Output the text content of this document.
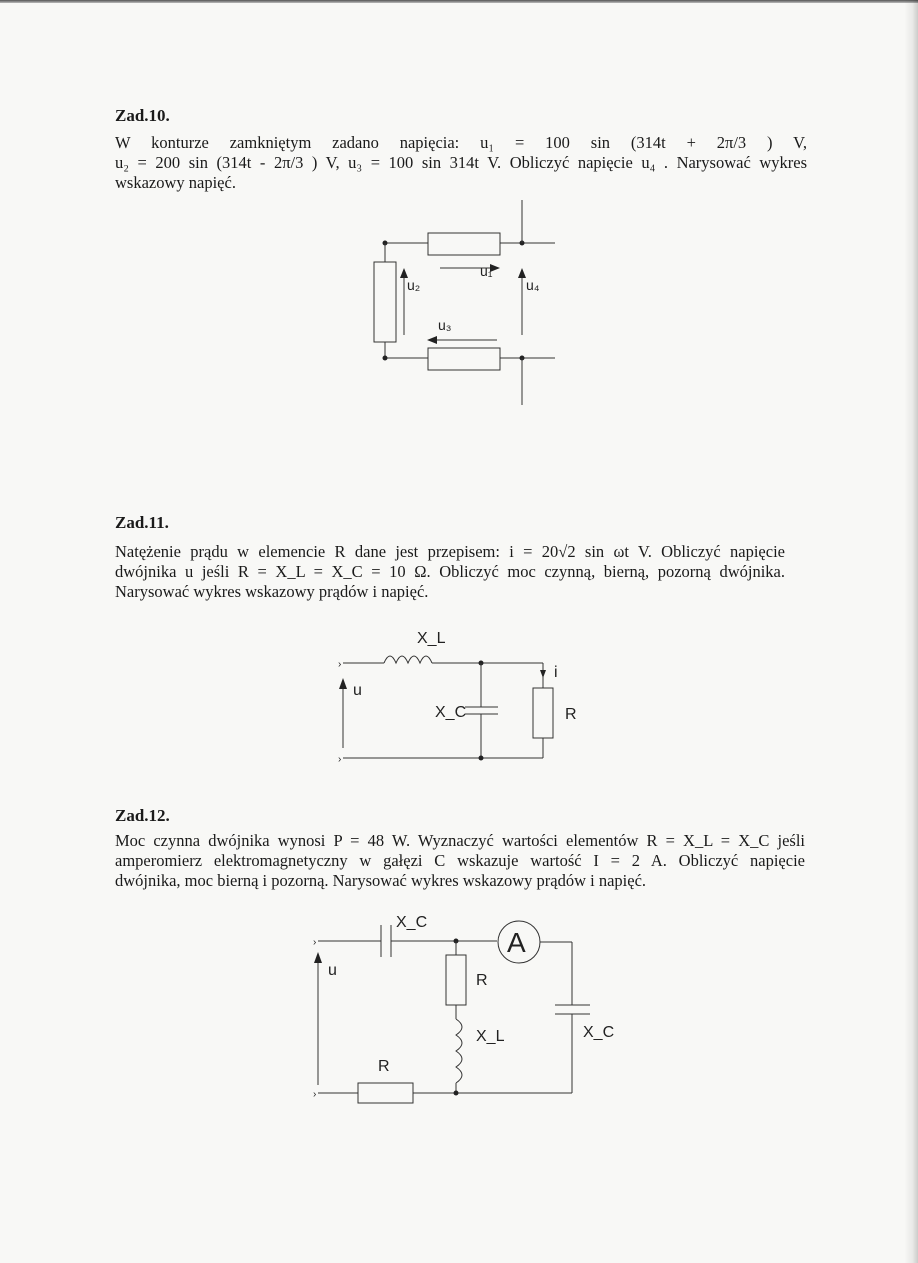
Zad.10.
W konturze zamkniętym zadano napięcia: u₁ = 100 sin (314t + 2π/3 ) V,
u₂ = 200 sin (314t - 2π/3 ) V, u₃ = 100 sin 314t V. Obliczyć napięcie u₄ . Narysować wykres
wskazowy napięć.
u₂
u₁
u₄
u₃
Zad.11.
Natężenie prądu w elemencie R dane jest przepisem: i = 20√2 sin ωt V. Obliczyć napięcie
dwójnika u jeśli R = X_L = X_C = 10 Ω. Obliczyć moc czynną, bierną, pozorną dwójnika.
Narysować wykres wskazowy prądów i napięć.
›
›
X_L
X_C
u
i
R
Zad.12.
Moc czynna dwójnika wynosi P = 48 W. Wyznaczyć wartości elementów R = X_L = X_C jeśli
amperomierz elektromagnetyczny w gałęzi C wskazuje wartość I = 2 A. Obliczyć napięcie
dwójnika, moc bierną i pozorną. Narysować wykres wskazowy prądów i napięć.
A
›
›
X_C
u
R
X_L	X_C
R
